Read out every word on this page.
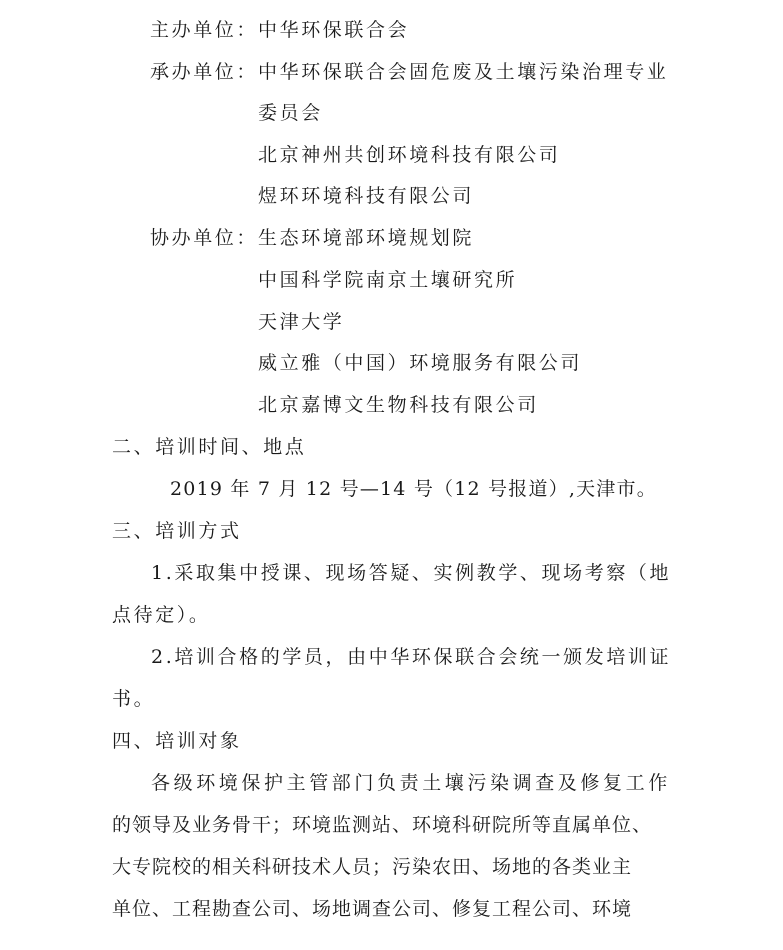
主办单位： 中华环保联合会
承办单位： 中华环保联合会固危废及土壤污染治理专业
委员会
北京神州共创环境科技有限公司
煜环环境科技有限公司
协办单位： 生态环境部环境规划院
中国科学院南京土壤研究所
天津大学
威立雅（中国）环境服务有限公司
北京嘉博文生物科技有限公司
二、培训时间、地点
2019 年 7 月 12 号—14 号（12 号报道）,天津市。
三、培训方式
1.采取集中授课、现场答疑、实例教学、现场考察（地
点待定）。
2.培训合格的学员，由中华环保联合会统一颁发培训证
书。
四、培训对象
各级环境保护主管部门负责土壤污染调查及修复工作
的领导及业务骨干；环境监测站、环境科研院所等直属单位、
大专院校的相关科研技术人员；污染农田、场地的各类业主
单位、工程勘查公司、场地调查公司、修复工程公司、环境
